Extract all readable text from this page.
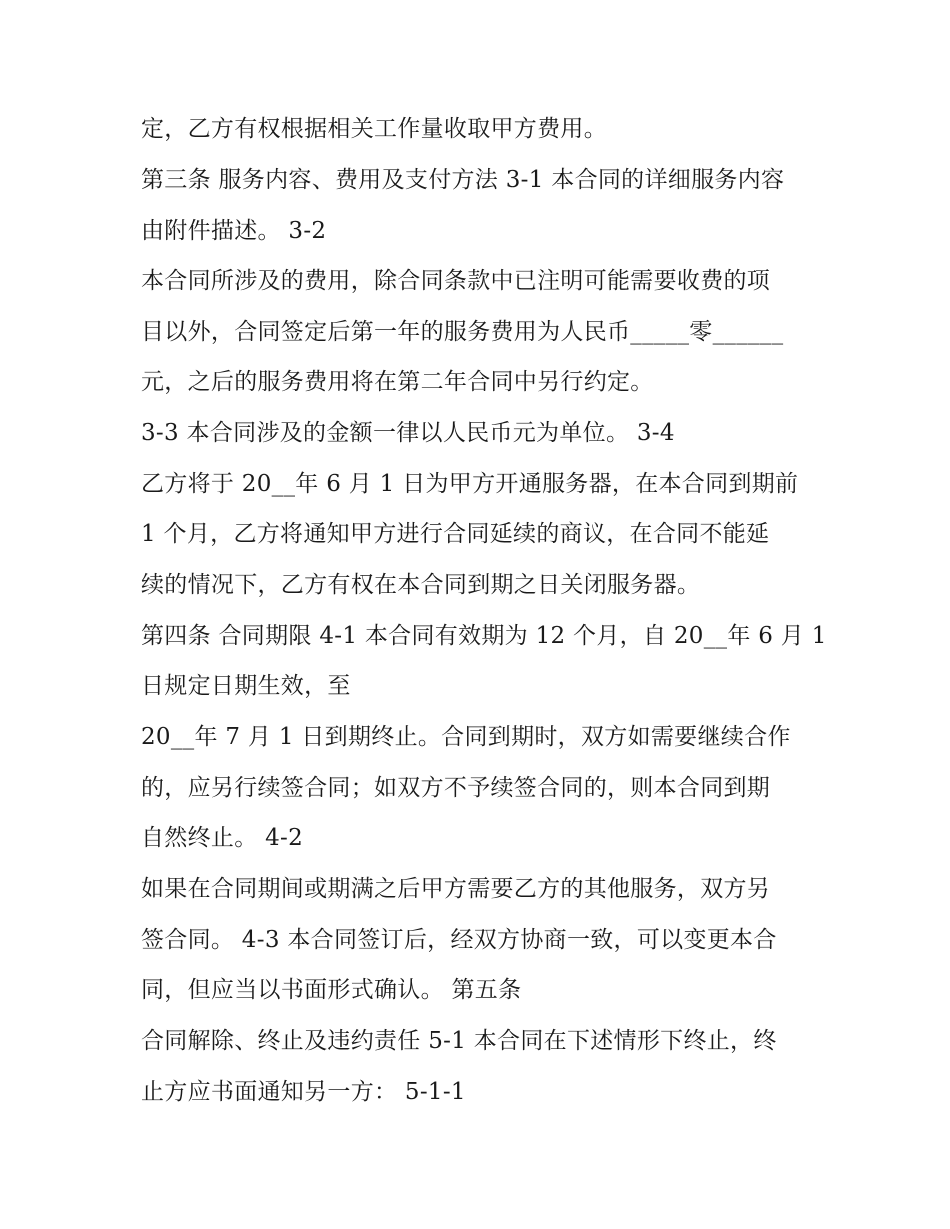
定，乙方有权根据相关工作量收取甲方费用。
第三条 服务内容、费用及支付方法 3-1 本合同的详细服务内容
由附件描述。 3-2
本合同所涉及的费用，除合同条款中已注明可能需要收费的项
目以外，合同签定后第一年的服务费用为人民币_____零______
元，之后的服务费用将在第二年合同中另行约定。
3-3 本合同涉及的金额一律以人民币元为单位。 3-4
乙方将于 20__年 6 月 1 日为甲方开通服务器，在本合同到期前
1 个月，乙方将通知甲方进行合同延续的商议，在合同不能延
续的情况下，乙方有权在本合同到期之日关闭服务器。
第四条 合同期限 4-1 本合同有效期为 12 个月，自 20__年 6 月 1
日规定日期生效，至
20__年 7 月 1 日到期终止。合同到期时，双方如需要继续合作
的，应另行续签合同；如双方不予续签合同的，则本合同到期
自然终止。 4-2
如果在合同期间或期满之后甲方需要乙方的其他服务，双方另
签合同。 4-3 本合同签订后，经双方协商一致，可以变更本合
同，但应当以书面形式确认。 第五条
合同解除、终止及违约责任 5-1 本合同在下述情形下终止，终
止方应书面通知另一方： 5-1-1
